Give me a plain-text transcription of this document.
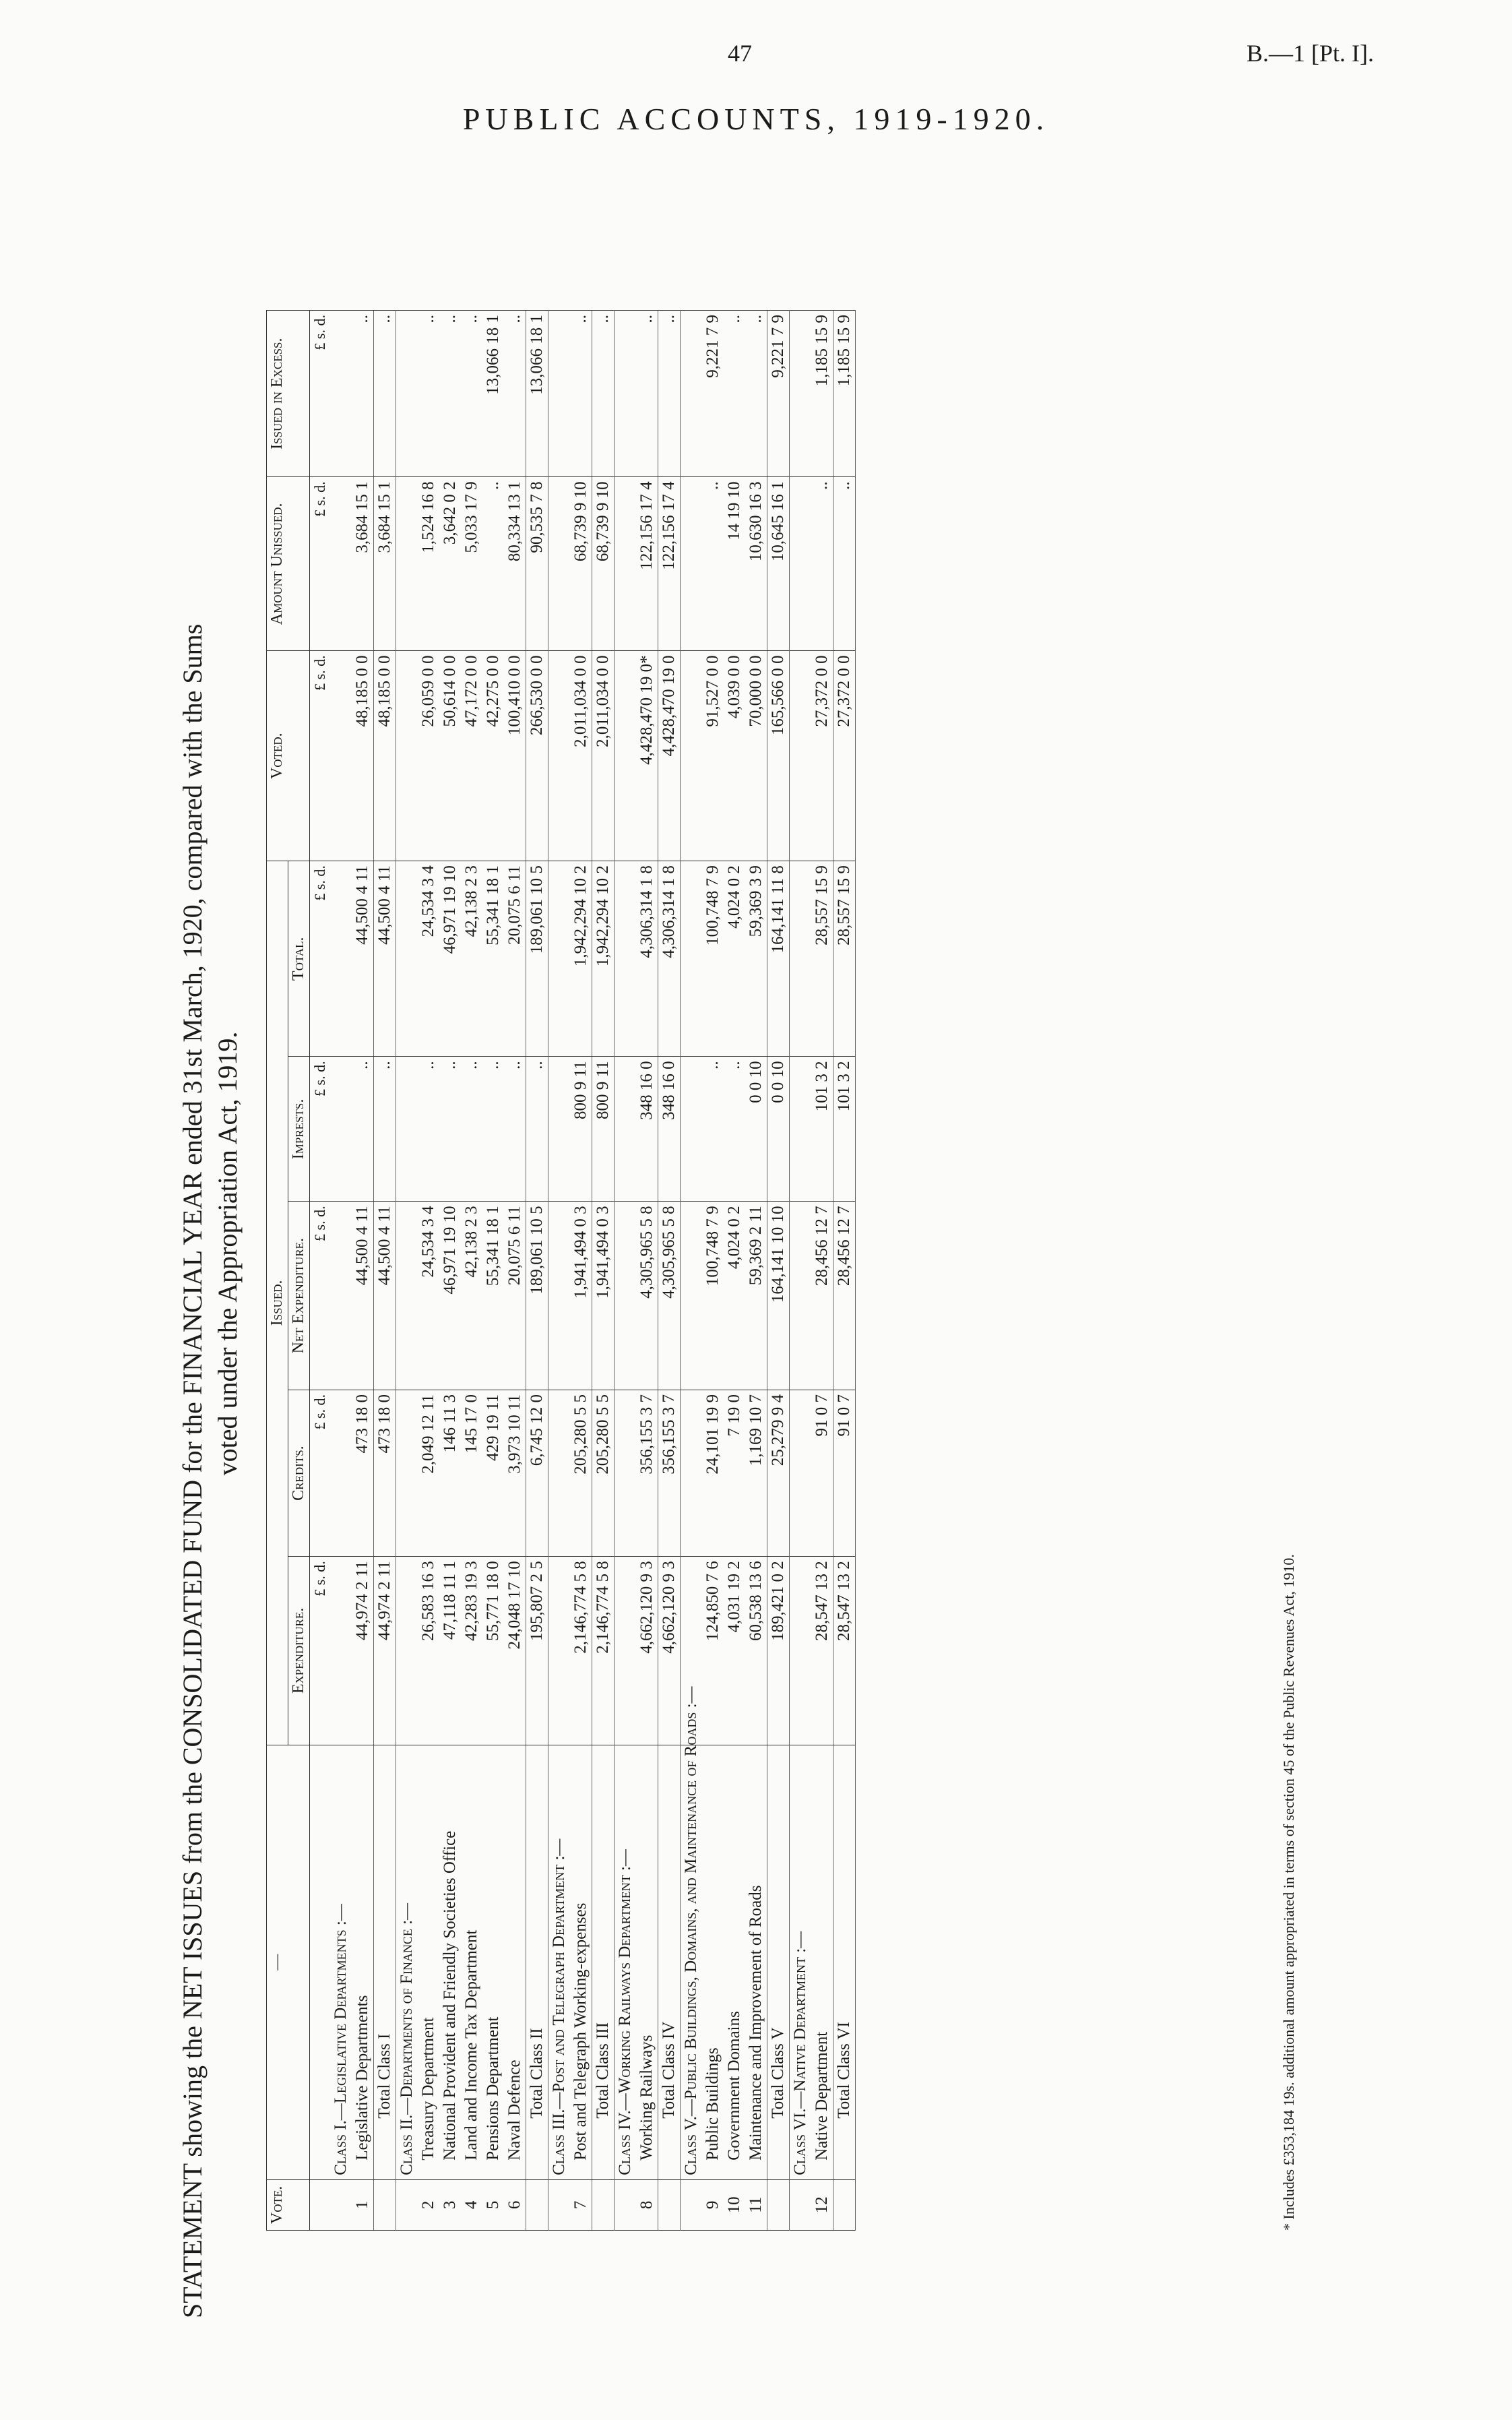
47	B.—1 [Pt. I].
PUBLIC ACCOUNTS, 1919-1920.
STATEMENT showing the NET ISSUES from the CONSOLIDATED FUND for the FINANCIAL YEAR ended 31st March, 1920, compared with the Sums voted under the Appropriation Act, 1919.
Vote.	—	Issued.					Voted.	Amount Unissued.	Issued in Excess.
		Expenditure.	Credits.	Net Expenditure.	Imprests.	Total.			
		£ s. d.	£ s. d.	£ s. d.	£ s. d.	£ s. d.	£ s. d.	£ s. d.	£ s. d.
	Class I.—Legislative Departments :—								
1	Legislative Departments	44,974 2 11	473 18 0	44,500 4 11	..	44,500 4 11	48,185 0 0	3,684 15 1	..
	Total Class I	44,974 2 11	473 18 0	44,500 4 11	..	44,500 4 11	48,185 0 0	3,684 15 1	..
	Class II.—Departments of Finance :—								
2	Treasury Department	26,583 16 3	2,049 12 11	24,534 3 4	..	24,534 3 4	26,059 0 0	1,524 16 8	..
3	National Provident and Friendly Societies Office	47,118 11 1	146 11 3	46,971 19 10	..	46,971 19 10	50,614 0 0	3,642 0 2	..
4	Land and Income Tax Department	42,283 19 3	145 17 0	42,138 2 3	..	42,138 2 3	47,172 0 0	5,033 17 9	..
5	Pensions Department	55,771 18 0	429 19 11	55,341 18 1	..	55,341 18 1	42,275 0 0	..	13,066 18 1
6	Naval Defence	24,048 17 10	3,973 10 11	20,075 6 11	..	20,075 6 11	100,410 0 0	80,334 13 1	..
	Total Class II	195,807 2 5	6,745 12 0	189,061 10 5	..	189,061 10 5	266,530 0 0	90,535 7 8	13,066 18 1
	Class III.—Post and Telegraph Department :—								
7	Post and Telegraph Working-expenses	2,146,774 5 8	205,280 5 5	1,941,494 0 3	800 9 11	1,942,294 10 2	2,011,034 0 0	68,739 9 10	..
	Total Class III	2,146,774 5 8	205,280 5 5	1,941,494 0 3	800 9 11	1,942,294 10 2	2,011,034 0 0	68,739 9 10	..
	Class IV.—Working Railways Department :—								
8	Working Railways	4,662,120 9 3	356,155 3 7	4,305,965 5 8	348 16 0	4,306,314 1 8	4,428,470 19 0*	122,156 17 4	..
	Total Class IV	4,662,120 9 3	356,155 3 7	4,305,965 5 8	348 16 0	4,306,314 1 8	4,428,470 19 0	122,156 17 4	..
	Class V.—Public Buildings, Domains, and Maintenance of Roads :—								
9	Public Buildings	124,850 7 6	24,101 19 9	100,748 7 9	..	100,748 7 9	91,527 0 0	..	9,221 7 9
10	Government Domains	4,031 19 2	7 19 0	4,024 0 2	..	4,024 0 2	4,039 0 0	14 19 10	..
11	Maintenance and Improvement of Roads	60,538 13 6	1,169 10 7	59,369 2 11	0 0 10	59,369 3 9	70,000 0 0	10,630 16 3	..
	Total Class V	189,421 0 2	25,279 9 4	164,141 10 10	0 0 10	164,141 11 8	165,566 0 0	10,645 16 1	9,221 7 9
	Class VI.—Native Department :—								
12	Native Department	28,547 13 2	91 0 7	28,456 12 7	101 3 2	28,557 15 9	27,372 0 0	..	1,185 15 9
	Total Class VI	28,547 13 2	91 0 7	28,456 12 7	101 3 2	28,557 15 9	27,372 0 0	..	1,185 15 9
* Includes £353,184 19s. additional amount appropriated in terms of section 45 of the Public Revenues Act, 1910.
